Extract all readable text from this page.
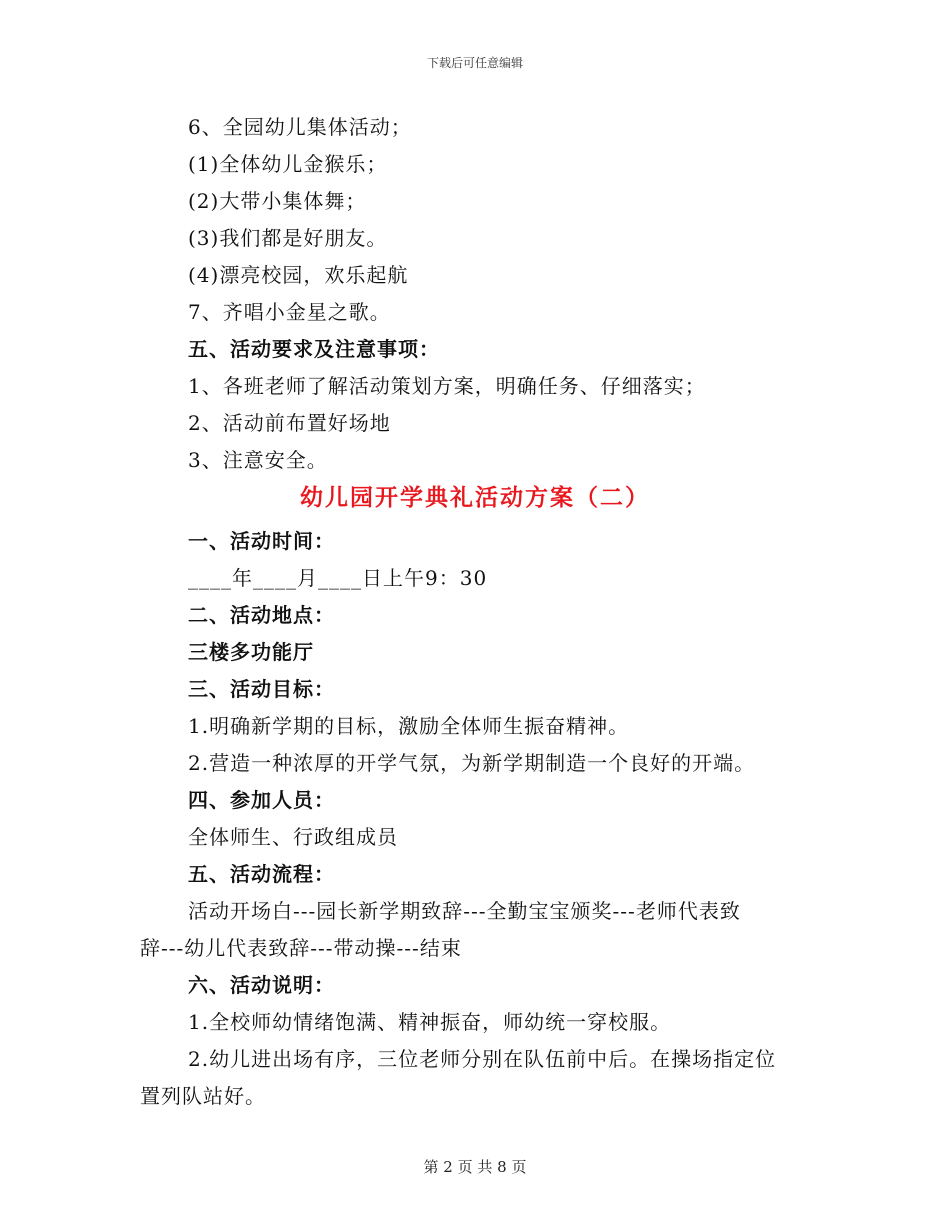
下载后可任意编辑
6、全园幼儿集体活动；
(1)全体幼儿金猴乐；
(2)大带小集体舞；
(3)我们都是好朋友。
(4)漂亮校园，欢乐起航
7、齐唱小金星之歌。
五、活动要求及注意事项：
1、各班老师了解活动策划方案，明确任务、仔细落实；
2、活动前布置好场地
3、注意安全。
幼儿园开学典礼活动方案（二）
一、活动时间：
____年____月____日上午9：30
二、活动地点：
三楼多功能厅
三、活动目标：
1.明确新学期的目标，激励全体师生振奋精神。
2.营造一种浓厚的开学气氛，为新学期制造一个良好的开端。
四、参加人员：
全体师生、行政组成员
五、活动流程：
活动开场白---园长新学期致辞---全勤宝宝颁奖---老师代表致
辞---幼儿代表致辞---带动操---结束
六、活动说明：
1.全校师幼情绪饱满、精神振奋，师幼统一穿校服。
2.幼儿进出场有序，三位老师分别在队伍前中后。在操场指定位
置列队站好。
第 2 页 共 8 页
